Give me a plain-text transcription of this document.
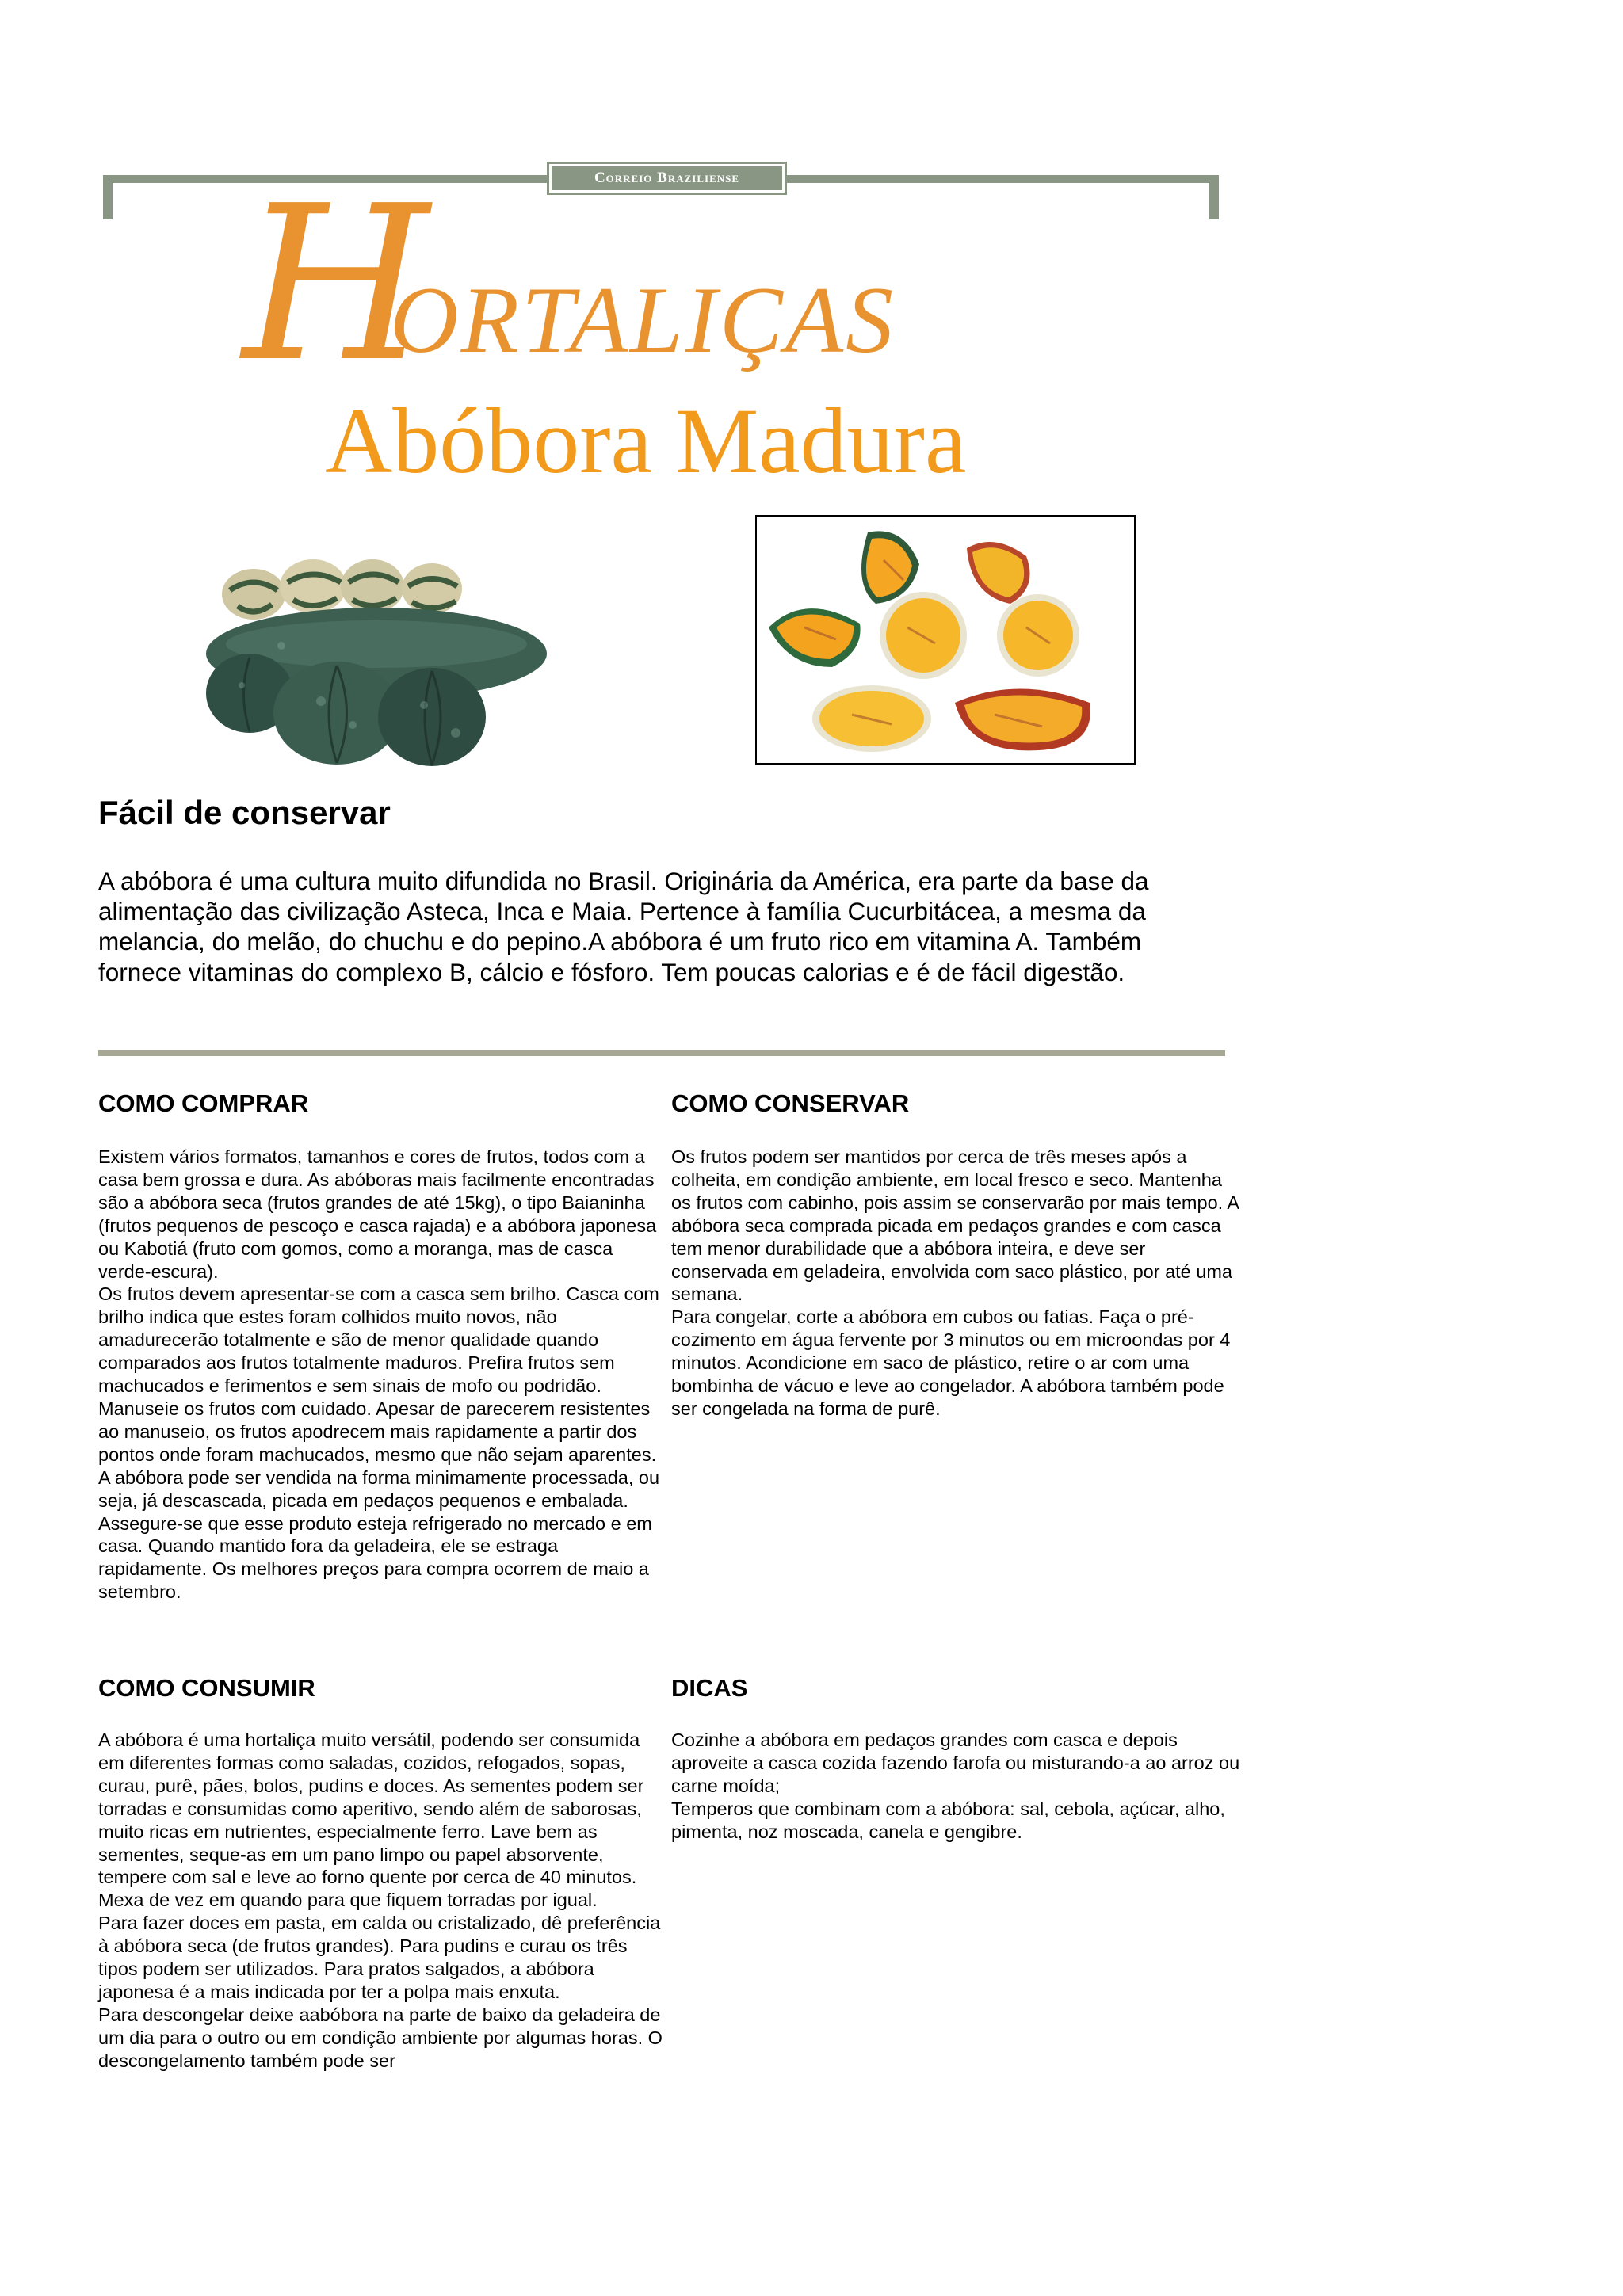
Correio Braziliense
H
ORTALIÇAS
Abóbora Madura
Fácil de conservar

A abóbora é uma cultura muito difundida no Brasil. Originária da América, era parte da base da alimentação das civilização Asteca, Inca e Maia. Pertence à família Cucurbitácea, a mesma da melancia, do melão, do chuchu e do pepino.A abóbora é um fruto rico em vitamina A. Também fornece vitaminas do complexo B, cálcio e fósforo. Tem poucas calorias e é de fácil digestão.

COMO COMPRAR

Existem vários formatos, tamanhos e cores de frutos, todos com a casa bem grossa e dura. As abóboras mais facilmente encontradas são a abóbora seca (frutos grandes de até 15kg), o tipo Baianinha (frutos pequenos de pescoço e casca rajada) e a abóbora japonesa ou Kabotiá (fruto com gomos, como a moranga, mas de casca verde-escura).
Os frutos devem apresentar-se com a casca sem brilho. Casca com brilho indica que estes foram colhidos muito novos, não amadurecerão totalmente e são de menor qualidade quando comparados aos frutos totalmente maduros. Prefira frutos sem machucados e ferimentos e sem sinais de mofo ou podridão.
Manuseie os frutos com cuidado. Apesar de parecerem resistentes ao manuseio, os frutos apodrecem mais rapidamente a partir dos pontos onde foram machucados, mesmo que não sejam aparentes.
A abóbora pode ser vendida na forma minimamente processada, ou seja, já descascada, picada em pedaços pequenos e embalada. Assegure-se que esse produto esteja refrigerado no mercado e em casa. Quando mantido fora da geladeira, ele se estraga rapidamente. Os melhores preços para compra ocorrem de maio a setembro.

COMO CONSERVAR

Os frutos podem ser mantidos por cerca de três meses após a colheita, em condição ambiente, em local fresco e seco. Mantenha os frutos com cabinho, pois assim se conservarão por mais tempo. A abóbora seca comprada picada em pedaços grandes e com casca tem menor durabilidade que a abóbora inteira, e deve ser conservada em geladeira, envolvida com saco plástico, por até uma semana.
Para congelar, corte a abóbora em cubos ou fatias. Faça o pré-cozimento em água fervente por 3 minutos ou em microondas por 4 minutos. Acondicione em saco de plástico, retire o ar com uma bombinha de vácuo e leve ao congelador. A abóbora também pode ser congelada na forma de purê.

COMO CONSUMIR

A abóbora é uma hortaliça muito versátil, podendo ser consumida em diferentes formas como saladas, cozidos, refogados, sopas, curau, purê, pães, bolos, pudins e doces. As sementes podem ser torradas e consumidas como aperitivo, sendo além de saborosas, muito ricas em nutrientes, especialmente ferro. Lave bem as sementes, seque-as em um pano limpo ou papel absorvente, tempere com sal e leve ao forno quente por cerca de 40 minutos. Mexa de vez em quando para que fiquem torradas por igual.
Para fazer doces em pasta, em calda ou cristalizado, dê preferência à abóbora seca (de frutos grandes). Para pudins e curau os três tipos podem ser utilizados. Para pratos salgados, a abóbora japonesa é a mais indicada por ter a polpa mais enxuta.
Para descongelar deixe aabóbora na parte de baixo da geladeira de um dia para o outro ou em condição ambiente por algumas horas. O descongelamento também pode ser

DICAS

Cozinhe a abóbora em pedaços grandes com casca e depois aproveite a casca cozida fazendo farofa ou misturando-a ao arroz ou carne moída;
Temperos que combinam com a abóbora: sal, cebola, açúcar, alho, pimenta, noz moscada, canela e gengibre.
